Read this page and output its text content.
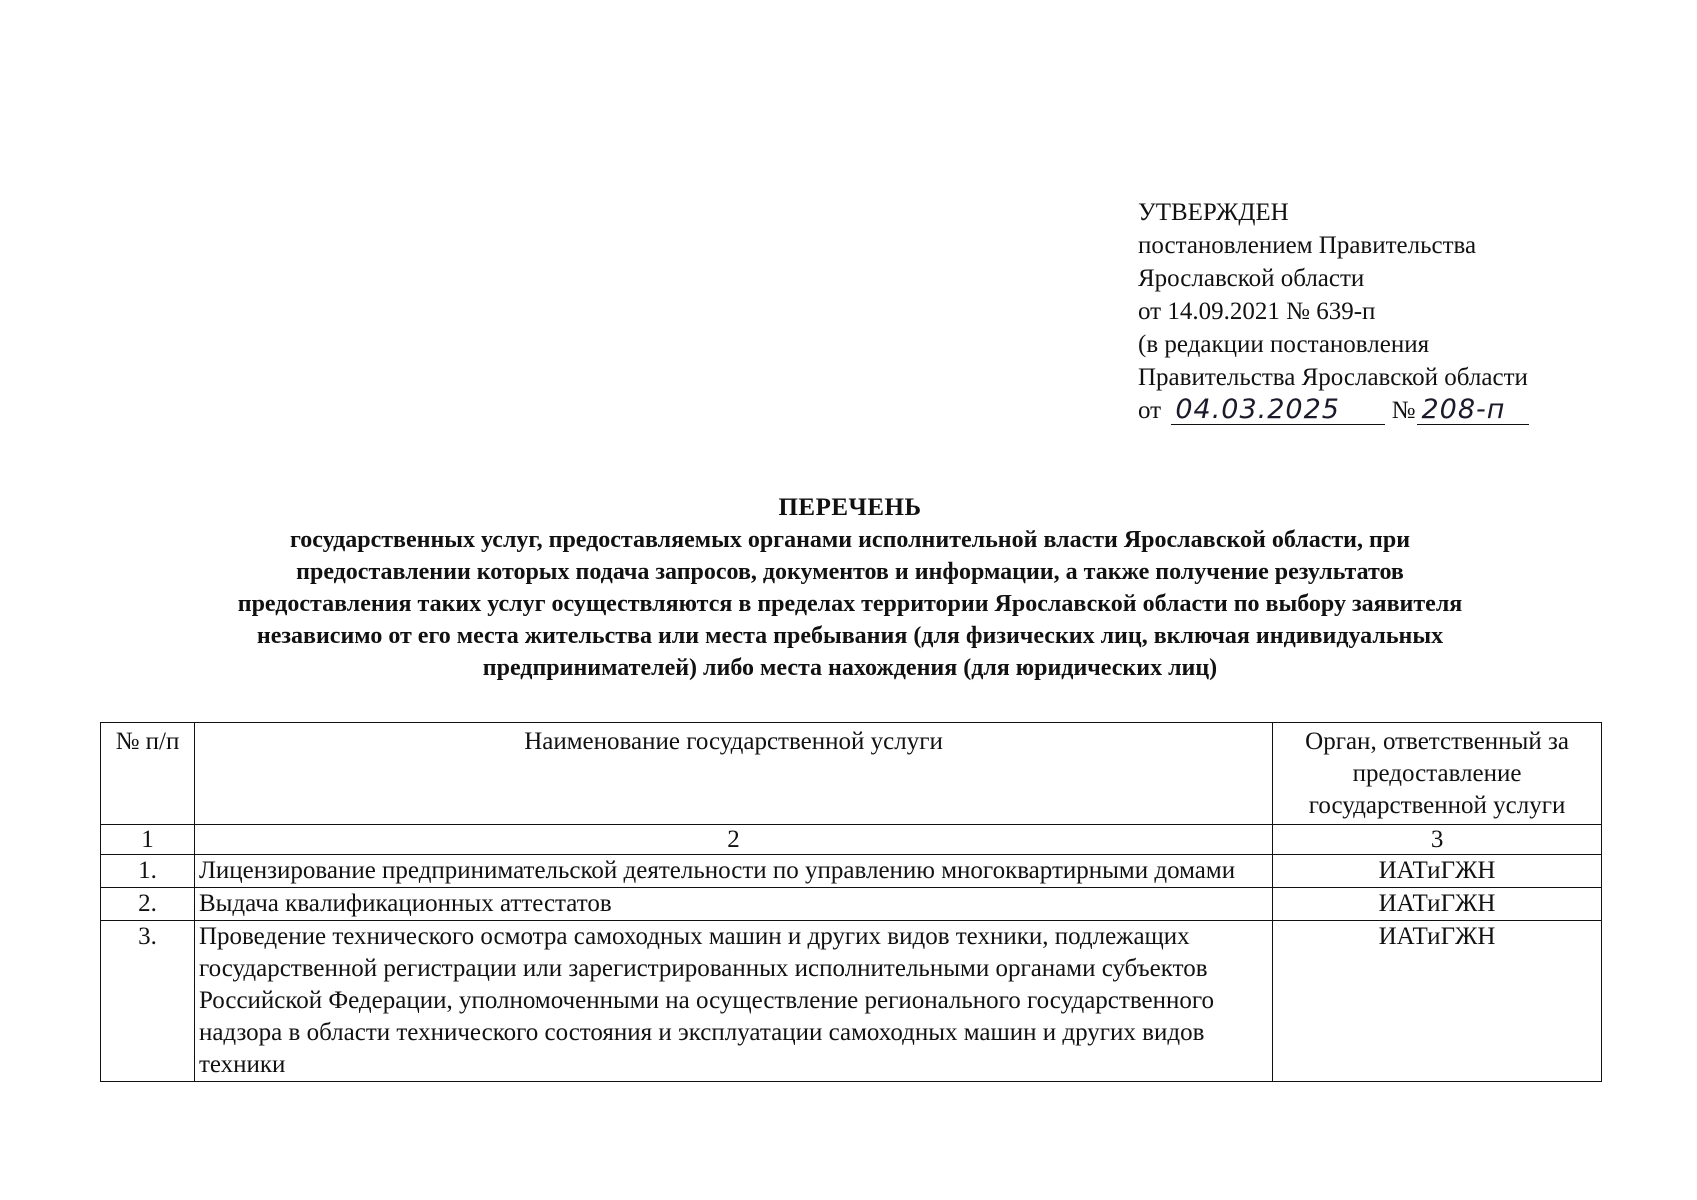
УТВЕРЖДЕН
постановлением Правительства
Ярославской области
от 14.09.2021 № 639-п
(в редакции постановления
Правительства Ярославской области
от 04.03.2025 № 208-п
ПЕРЕЧЕНЬ
государственных услуг, предоставляемых органами исполнительной власти Ярославской области, при
предоставлении которых подача запросов, документов и информации, а также получение результатов
предоставления таких услуг осуществляются в пределах территории Ярославской области по выбору заявителя
независимо от его места жительства или места пребывания (для физических лиц, включая индивидуальных
предпринимателей) либо места нахождения (для юридических лиц)
№ п/п	Наименование государственной услуги	Орган, ответственный за предоставление государственной услуги
1	2	3
1.	Лицензирование предпринимательской деятельности по управлению многоквартирными домами	ИАТиГЖН
2.	Выдача квалификационных аттестатов	ИАТиГЖН
3.	Проведение технического осмотра самоходных машин и других видов техники, подлежащих государственной регистрации или зарегистрированных исполнительными органами субъектов Российской Федерации, уполномоченными на осуществление регионального государственного надзора в области технического состояния и эксплуатации самоходных машин и других видов техники	ИАТиГЖН
